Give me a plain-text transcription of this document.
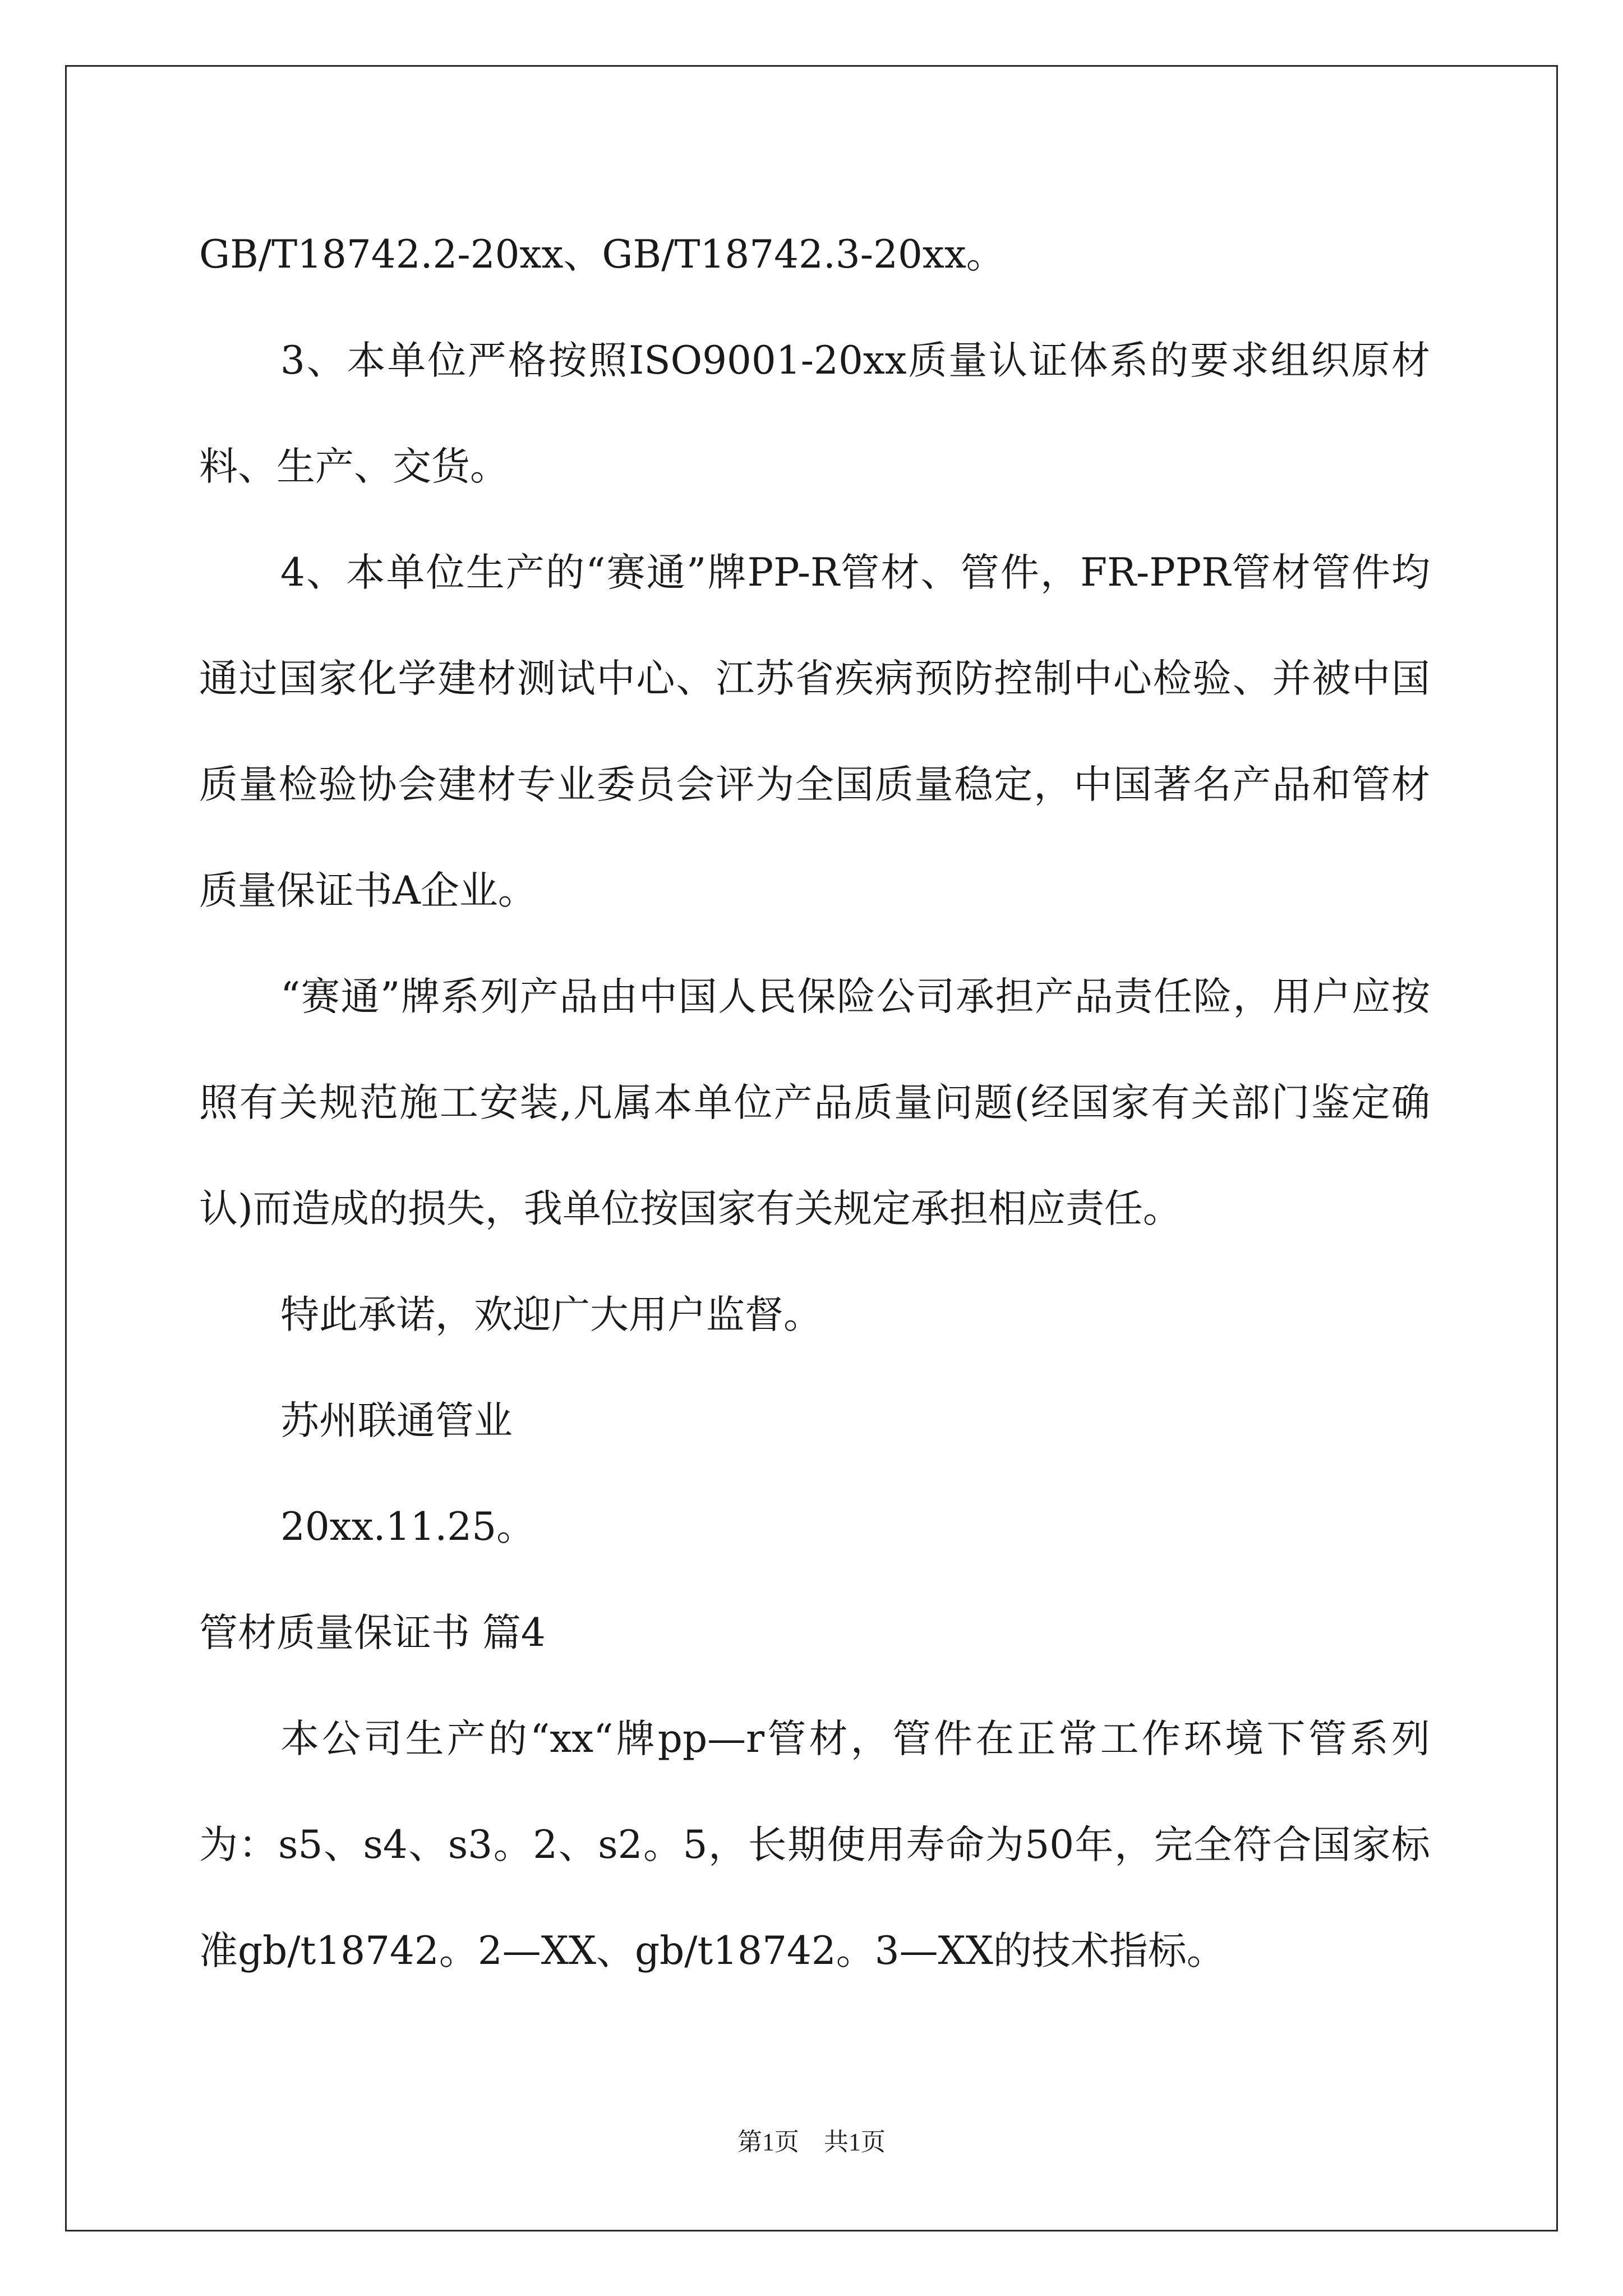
GB/T18742.2-20xx、GB/T18742.3-20xx。

3、本单位严格按照ISO9001-20xx质量认证体系的要求组织原材料、生产、交货。

4、本单位生产的“赛通”牌PP-R管材、管件，FR-PPR管材管件均通过国家化学建材测试中心、江苏省疾病预防控制中心检验、并被中国质量检验协会建材专业委员会评为全国质量稳定，中国著名产品和管材质量保证书A企业。

“赛通”牌系列产品由中国人民保险公司承担产品责任险，用户应按照有关规范施工安装,凡属本单位产品质量问题(经国家有关部门鉴定确认)而造成的损失，我单位按国家有关规定承担相应责任。

特此承诺，欢迎广大用户监督。

苏州联通管业

20xx.11.25。

管材质量保证书 篇4

本公司生产的“xx“牌pp—r管材，管件在正常工作环境下管系列为：s5、s4、s3。2、s2。5，长期使用寿命为50年，完全符合国家标准gb/t18742。2—XX、gb/t18742。3—XX的技术指标。

第1页　共1页
